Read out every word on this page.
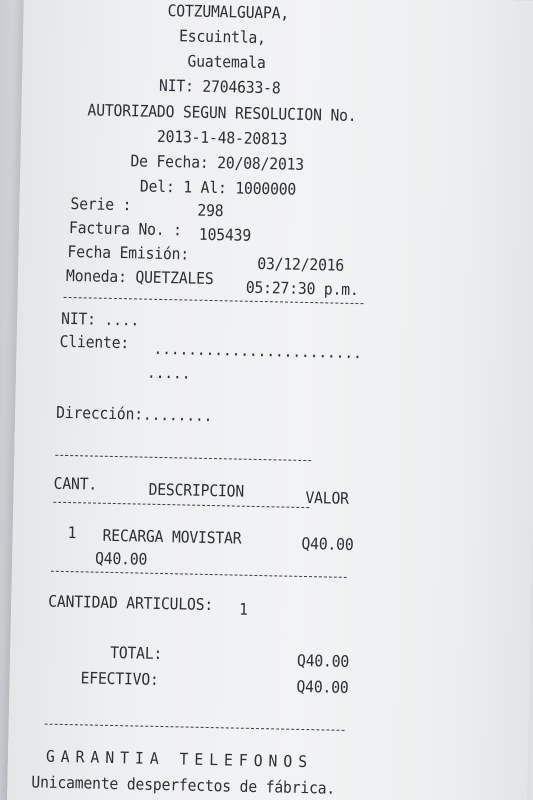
COTZUMALGUAPA,
Escuintla,
Guatemala
NIT: 2704633-8
AUTORIZADO SEGUN RESOLUCION No.
2013-1-48-20813
De Fecha: 20/08/2013
Del: 1 Al: 1000000
Serie :	298
Factura No. : 105439
Fecha Emisión:
03/12/2016
Moneda: QUETZALES
05:27:30 p.m.
NIT: ....
Cliente: ........................
.....
Dirección:........
CANT.	DESCRIPCION	VALOR
1 RECARGA MOVISTAR	Q40.00
Q40.00
CANTIDAD ARTICULOS: 1
TOTAL:	Q40.00
EFECTIVO:	Q40.00
GARANTIA TELEFONOS
Unicamente desperfectos de fábrica.
